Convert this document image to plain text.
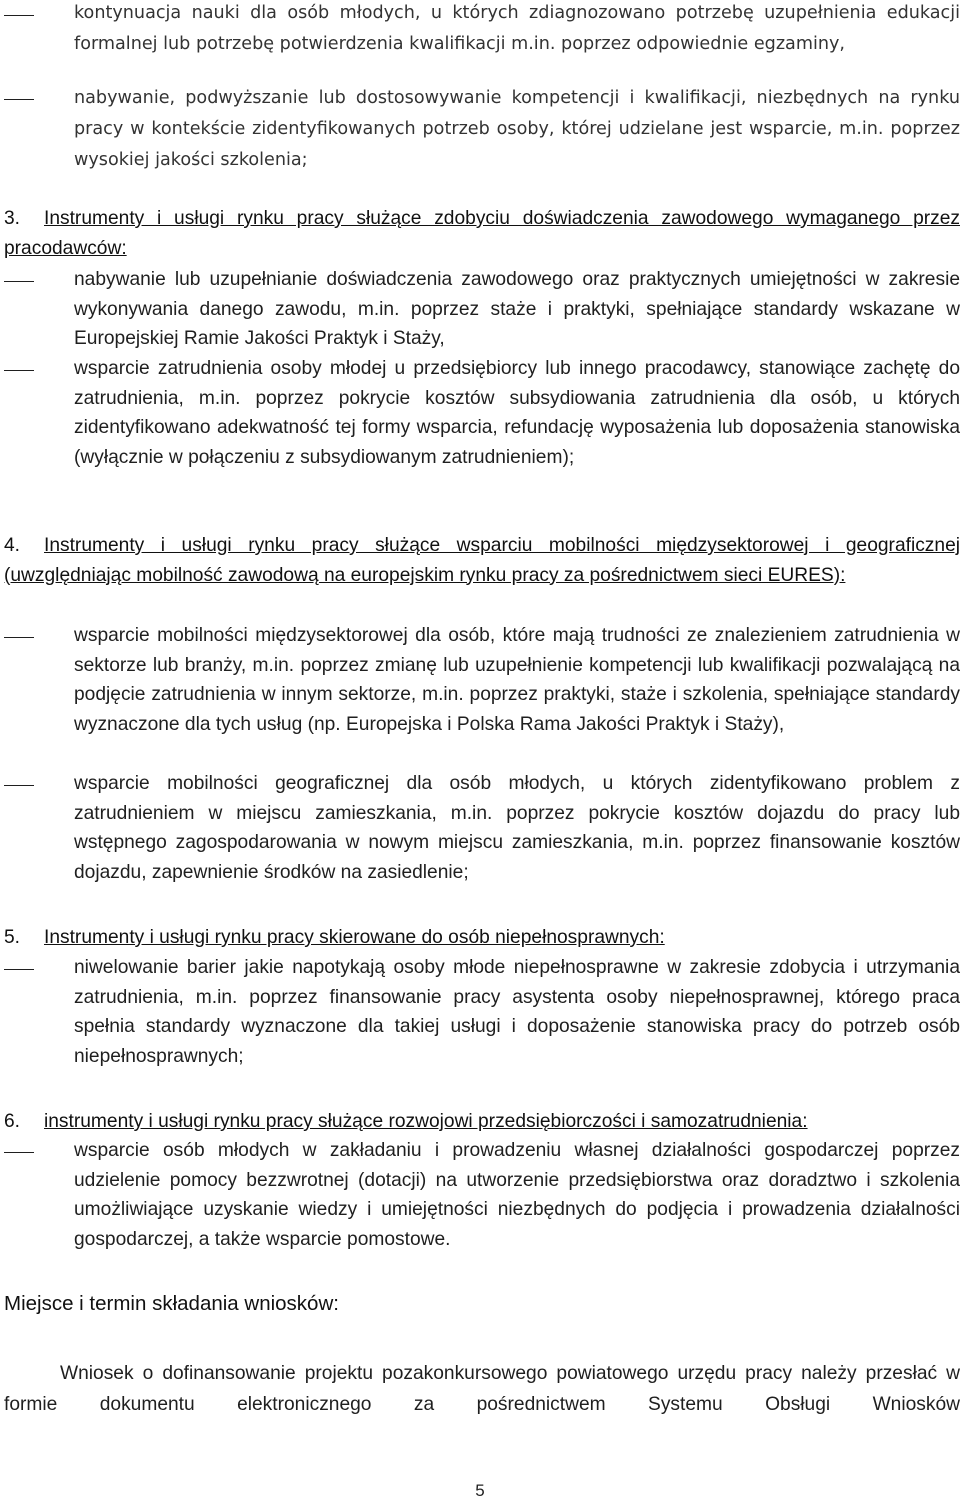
kontynuacja nauki dla osób młodych, u których zdiagnozowano potrzebę uzupełnienia edukacji formalnej lub potrzebę potwierdzenia kwalifikacji m.in. poprzez odpowiednie egzaminy,
nabywanie, podwyższanie lub dostosowywanie kompetencji i kwalifikacji, niezbędnych na rynku pracy w kontekście zidentyfikowanych potrzeb osoby, której udzielane jest wsparcie, m.in. poprzez wysokiej jakości szkolenia;
3. Instrumenty i usługi rynku pracy służące zdobyciu doświadczenia zawodowego wymaganego przez pracodawców:
nabywanie lub uzupełnianie doświadczenia zawodowego oraz praktycznych umiejętności w zakresie wykonywania danego zawodu, m.in. poprzez staże i praktyki, spełniające standardy wskazane w Europejskiej Ramie Jakości Praktyk i Staży,
wsparcie zatrudnienia osoby młodej u przedsiębiorcy lub innego pracodawcy, stanowiące zachętę do zatrudnienia, m.in. poprzez pokrycie kosztów subsydiowania zatrudnienia dla osób, u których zidentyfikowano adekwatność tej formy wsparcia, refundację wyposażenia lub doposażenia stanowiska (wyłącznie w połączeniu z subsydiowanym zatrudnieniem);
4. Instrumenty i usługi rynku pracy służące wsparciu mobilności międzysektorowej i geograficznej (uwzględniając mobilność zawodową na europejskim rynku pracy za pośrednictwem sieci EURES):
wsparcie mobilności międzysektorowej dla osób, które mają trudności ze znalezieniem zatrudnienia w sektorze lub branży, m.in. poprzez zmianę lub uzupełnienie kompetencji lub kwalifikacji pozwalającą na podjęcie zatrudnienia w innym sektorze, m.in. poprzez praktyki, staże i szkolenia, spełniające standardy wyznaczone dla tych usług (np. Europejska i Polska Rama Jakości Praktyk i Staży),
wsparcie mobilności geograficznej dla osób młodych, u których zidentyfikowano problem z zatrudnieniem w miejscu zamieszkania, m.in. poprzez pokrycie kosztów dojazdu do pracy lub wstępnego zagospodarowania w nowym miejscu zamieszkania, m.in. poprzez finansowanie kosztów dojazdu, zapewnienie środków na zasiedlenie;
5. Instrumenty i usługi rynku pracy skierowane do osób niepełnosprawnych:
niwelowanie barier jakie napotykają osoby młode niepełnosprawne w zakresie zdobycia i utrzymania zatrudnienia, m.in. poprzez finansowanie pracy asystenta osoby niepełnosprawnej, którego praca spełnia standardy wyznaczone dla takiej usługi i doposażenie stanowiska pracy do potrzeb osób niepełnosprawnych;
6. instrumenty i usługi rynku pracy służące rozwojowi przedsiębiorczości i samozatrudnienia:
wsparcie osób młodych w zakładaniu i prowadzeniu własnej działalności gospodarczej poprzez udzielenie pomocy bezzwrotnej (dotacji) na utworzenie przedsiębiorstwa oraz doradztwo i szkolenia umożliwiające uzyskanie wiedzy i umiejętności niezbędnych do podjęcia i prowadzenia działalności gospodarczej, a także wsparcie pomostowe.
Miejsce i termin składania wniosków:
Wniosek o dofinansowanie projektu pozakonkursowego powiatowego urzędu pracy należy przesłać w formie dokumentu elektronicznego za pośrednictwem Systemu Obsługi Wniosków
5
